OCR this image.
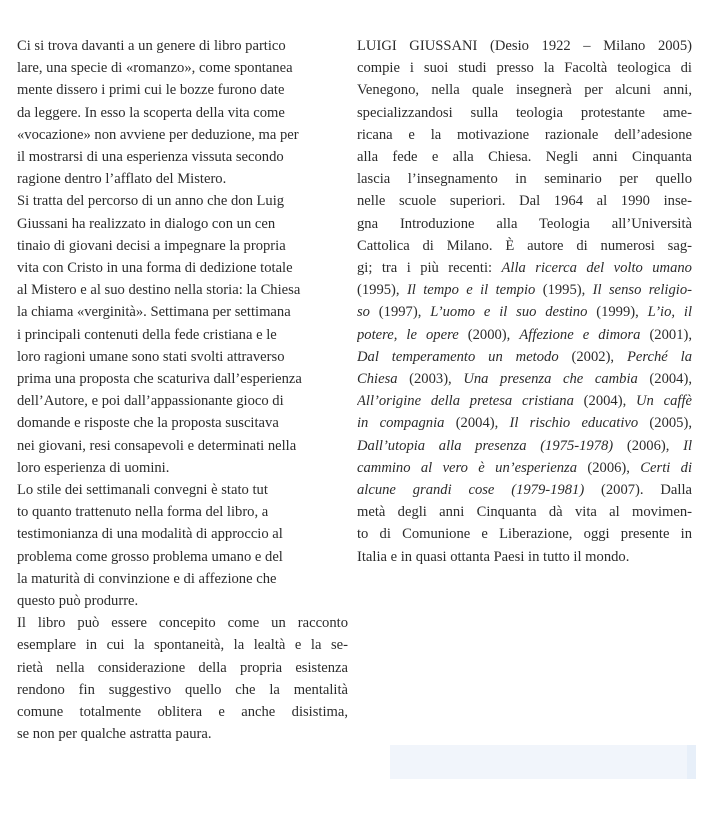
Ci si trova davanti a un genere di libro partico
lare, una specie di «romanzo», come spontanea
mente dissero i primi cui le bozze furono date
da leggere. In esso la scoperta della vita come
«vocazione» non avviene per deduzione, ma per
il mostrarsi di una esperienza vissuta secondo
ragione dentro l’afflato del Mistero.
Si tratta del percorso di un anno che don Luig
Giussani ha realizzato in dialogo con un cen
tinaio di giovani decisi a impegnare la propria
vita con Cristo in una forma di dedizione totale
al Mistero e al suo destino nella storia: la Chiesa
la chiama «verginità». Settimana per settimana
i principali contenuti della fede cristiana e le
loro ragioni umane sono stati svolti attraverso
prima una proposta che scaturiva dall’esperienza
dell’Autore, e poi dall’appassionante gioco di
domande e risposte che la proposta suscitava
nei giovani, resi consapevoli e determinati nella
loro esperienza di uomini.
Lo stile dei settimanali convegni è stato tut
to quanto trattenuto nella forma del libro, a
testimonianza di una modalità di approccio al
problema come grosso problema umano e del
la maturità di convinzione e di affezione che
questo può produrre.
Il libro può essere concepito come un racconto
esemplare in cui la spontaneità, la lealtà e la se-
rietà nella considerazione della propria esistenza
rendono fin suggestivo quello che la mentalità
comune totalmente oblitera e anche disistima,
se non per qualche astratta paura.
LUIGI GIUSSANI (Desio 1922 – Milano 2005)
compie i suoi studi presso la Facoltà teologica di
Venegono, nella quale insegnerà per alcuni anni,
specializzandosi sulla teologia protestante ame-
ricana e la motivazione razionale dell’adesione
alla fede e alla Chiesa. Negli anni Cinquanta
lascia l’insegnamento in seminario per quello
nelle scuole superiori. Dal 1964 al 1990 inse-
gna Introduzione alla Teologia all’Università
Cattolica di Milano. È autore di numerosi sag-
gi; tra i più recenti: Alla ricerca del volto umano
(1995), Il tempo e il tempio (1995), Il senso religio-
so (1997), L’uomo e il suo destino (1999), L’io, il
potere, le opere (2000), Affezione e dimora (2001),
Dal temperamento un metodo (2002), Perché la
Chiesa (2003), Una presenza che cambia (2004),
All’origine della pretesa cristiana (2004), Un caffè
in compagnia (2004), Il rischio educativo (2005),
Dall’utopia alla presenza (1975-1978) (2006), Il
cammino al vero è un’esperienza (2006), Certi di
alcune grandi cose (1979-1981) (2007). Dalla
metà degli anni Cinquanta dà vita al movimen-
to di Comunione e Liberazione, oggi presente in
Italia e in quasi ottanta Paesi in tutto il mondo.
